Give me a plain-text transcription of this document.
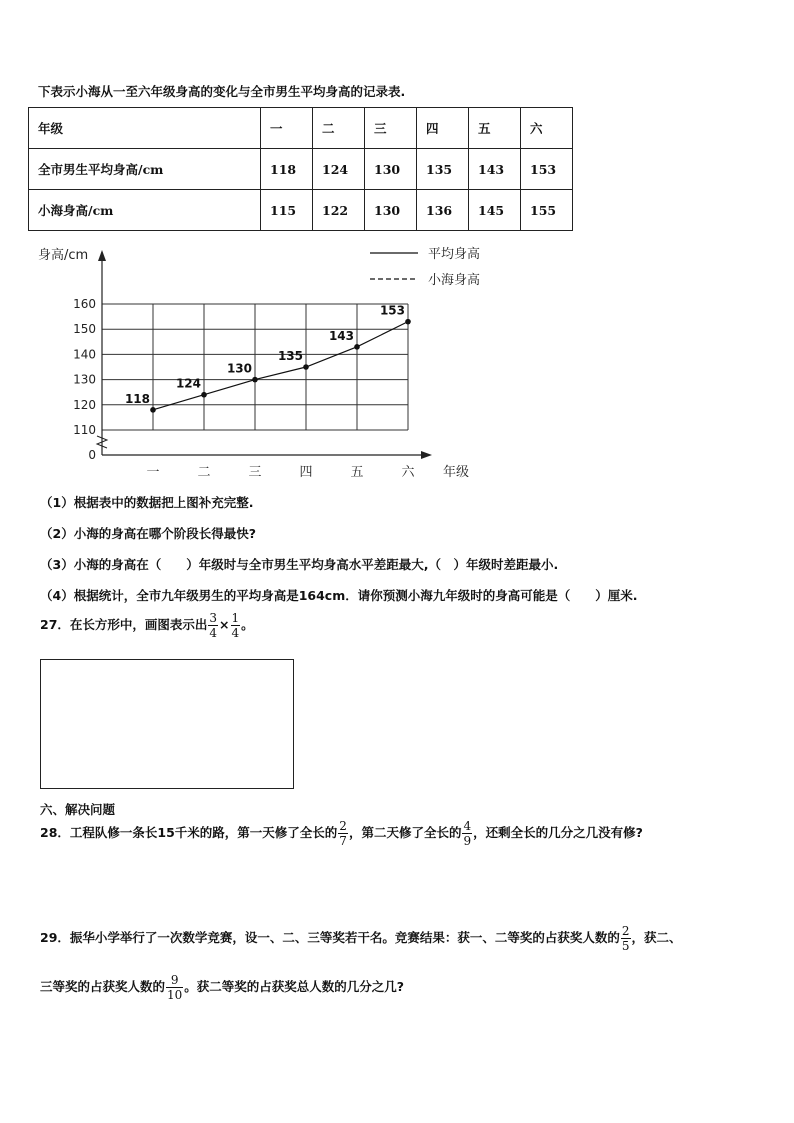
下表示小海从一至六年级身高的变化与全市男生平均身高的记录表.
年级	一	二	三	四	五	六
全市男生平均身高/cm	118	124	130	135	143	153
小海身高/cm	115	122	130	136	145	155
身高/cm
年级
0
110
120
130
140
150
160
一	二	三	四	五	六
118
124
130
135
143
153
平均身高
小海身高
（1）根据表中的数据把上图补充完整.
（2）小海的身高在哪个阶段长得最快?
（3）小海的身高在（　　）年级时与全市男生平均身高水平差距最大,（　）年级时差距最小.
（4）根据统计，全市九年级男生的平均身高是164cm．请你预测小海九年级时的身高可能是（　　）厘米.
27．在长方形中，画图表示出 $\frac{3}{4} \times \frac{1}{4}$ 。
六、解决问题
28．工程队修一条长15千米的路，第一天修了全长的 $\frac{2}{7}$ ，第二天修了全长的 $\frac{4}{9}$ ，还剩全长的几分之几没有修?
29．振华小学举行了一次数学竞赛，设一、二、三等奖若干名。竞赛结果：获一、二等奖的占获奖人数的 $\frac{2}{5}$ ，获二、
三等奖的占获奖人数的 $\frac{9}{10}$ 。获二等奖的占获奖总人数的几分之几?
